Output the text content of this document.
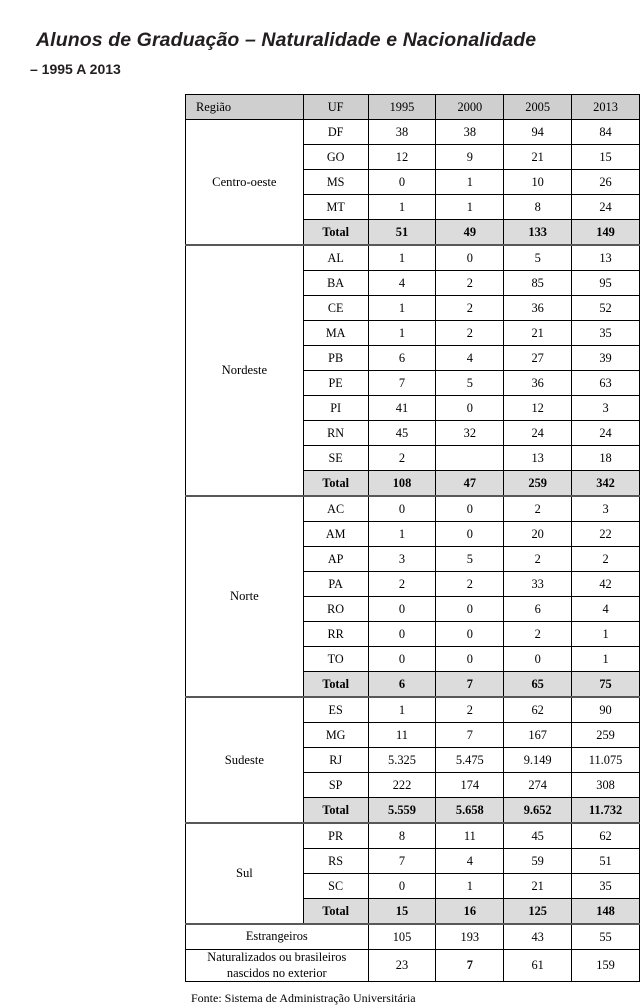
Alunos de Graduação – Naturalidade e Nacionalidade
– 1995 A 2013
Região	UF	1995	2000	2005	2013
Centro-oeste	DF	38	38	94	84
	GO	12	9	21	15
	MS	0	1	10	26
	MT	1	1	8	24
	Total	51	49	133	149
Nordeste	AL	1	0	5	13
	BA	4	2	85	95
	CE	1	2	36	52
	MA	1	2	21	35
	PB	6	4	27	39
	PE	7	5	36	63
	PI	41	0	12	3
	RN	45	32	24	24
	SE	2		13	18
	Total	108	47	259	342
Norte	AC	0	0	2	3
	AM	1	0	20	22
	AP	3	5	2	2
	PA	2	2	33	42
	RO	0	0	6	4
	RR	0	0	2	1
	TO	0	0	0	1
	Total	6	7	65	75
Sudeste	ES	1	2	62	90
	MG	11	7	167	259
	RJ	5.325	5.475	9.149	11.075
	SP	222	174	274	308
	Total	5.559	5.658	9.652	11.732
Sul	PR	8	11	45	62
	RS	7	4	59	51
	SC	0	1	21	35
	Total	15	16	125	148
Estrangeiros		105	193	43	55
Naturalizados ou brasileiros nascidos no exterior		23	7	61	159
Fonte: Sistema de Administração Universitária
